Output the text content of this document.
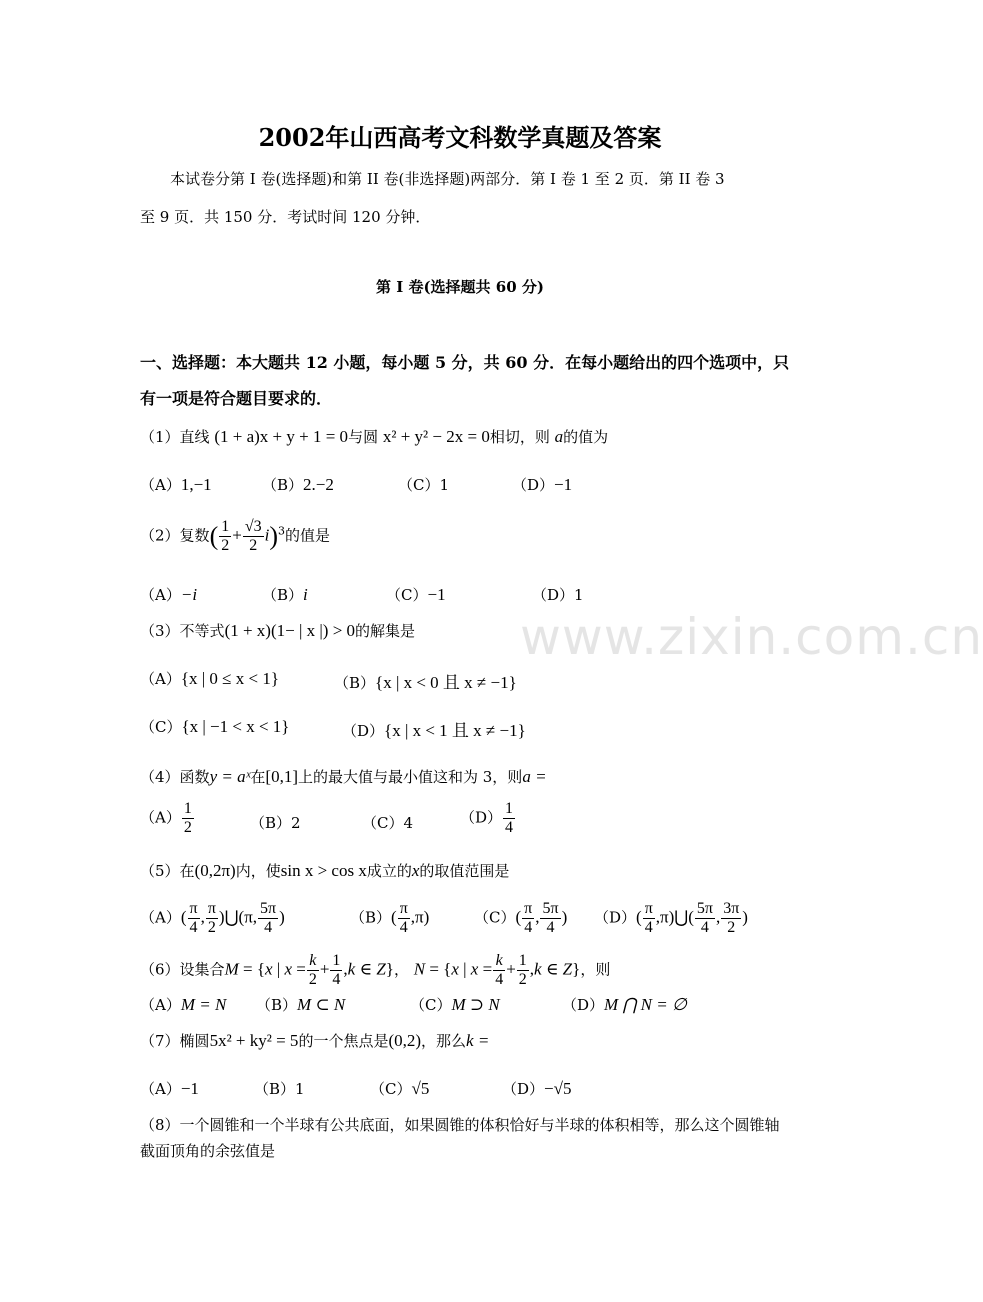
2002年山西高考文科数学真题及答案
本试卷分第 I 卷(选择题)和第 II 卷(非选择题)两部分．第 I 卷 1 至 2 页．第 II 卷 3
至 9 页．共 150 分．考试时间 120 分钟．
第 I 卷(选择题共 60 分)
一、选择题：本大题共 12 小题，每小题 5 分，共 60 分．在每小题给出的四个选项中，只
有一项是符合题目要求的．
（1）直线 (1 + a)x + y + 1 = 0与圆 x² + y² − 2x = 0相切，则 a的值为
（A）1,−1	（B）2.−2	（C）1	（D）−1
（2）复数( $\frac{1}{2} + \frac{√3}{2} i)^3$的值是
（A）−i	（B）i	（C）−1	（D）1
（3）不等式(1 + x)(1− | x |) > 0的解集是
（A）{x | 0 ≤ x < 1}	（B）{x | x < 0 且 x ≠ −1}
（C）{x | −1 < x < 1}	（D）{x | x < 1 且 x ≠ −1}
（4）函数y = aˣ在[0,1]上的最大值与最小值这和为 3，则a =
$(A) \frac{1}{2}$	（B）2	（C）4	$(D) \frac{1}{4}$
（5）在(0,2π)内，使sin x > cos x成立的x的取值范围是
$(A)( \frac{\pi}{4}$ , $\frac{\pi}{2}$ )⋃(π, $\frac{5\pi}{4}$ )	$(B)( \frac{\pi}{4} ,\pi)$	$(C)( \frac{\pi}{4}$ , $\frac{5\pi}{4}$ ) $(D)( \frac{\pi}{4}$ ,π)⋃( $\frac{5\pi}{4}$ , $\frac{3\pi}{2}$ )
（6）设集合M = {x | $x = \frac{k}{2} + \frac{1}{4} ,k$ ∈ Z}， N = {x | $x = \frac{k}{4} + \frac{1}{2} ,k$ ∈ Z}，则
（A）M = N （B）M ⊂ N	（C）M ⊃ N	（D）M ⋂ N = ∅
（7）椭圆5x² + ky² = 5的一个焦点是(0,2)，那么k =
（A）−1	（B）1	（C）√5	（D）−√5
（8）一个圆锥和一个半球有公共底面，如果圆锥的体积恰好与半球的体积相等，那么这个圆锥轴截面顶角的余弦值是
www.zixin.com.cn
